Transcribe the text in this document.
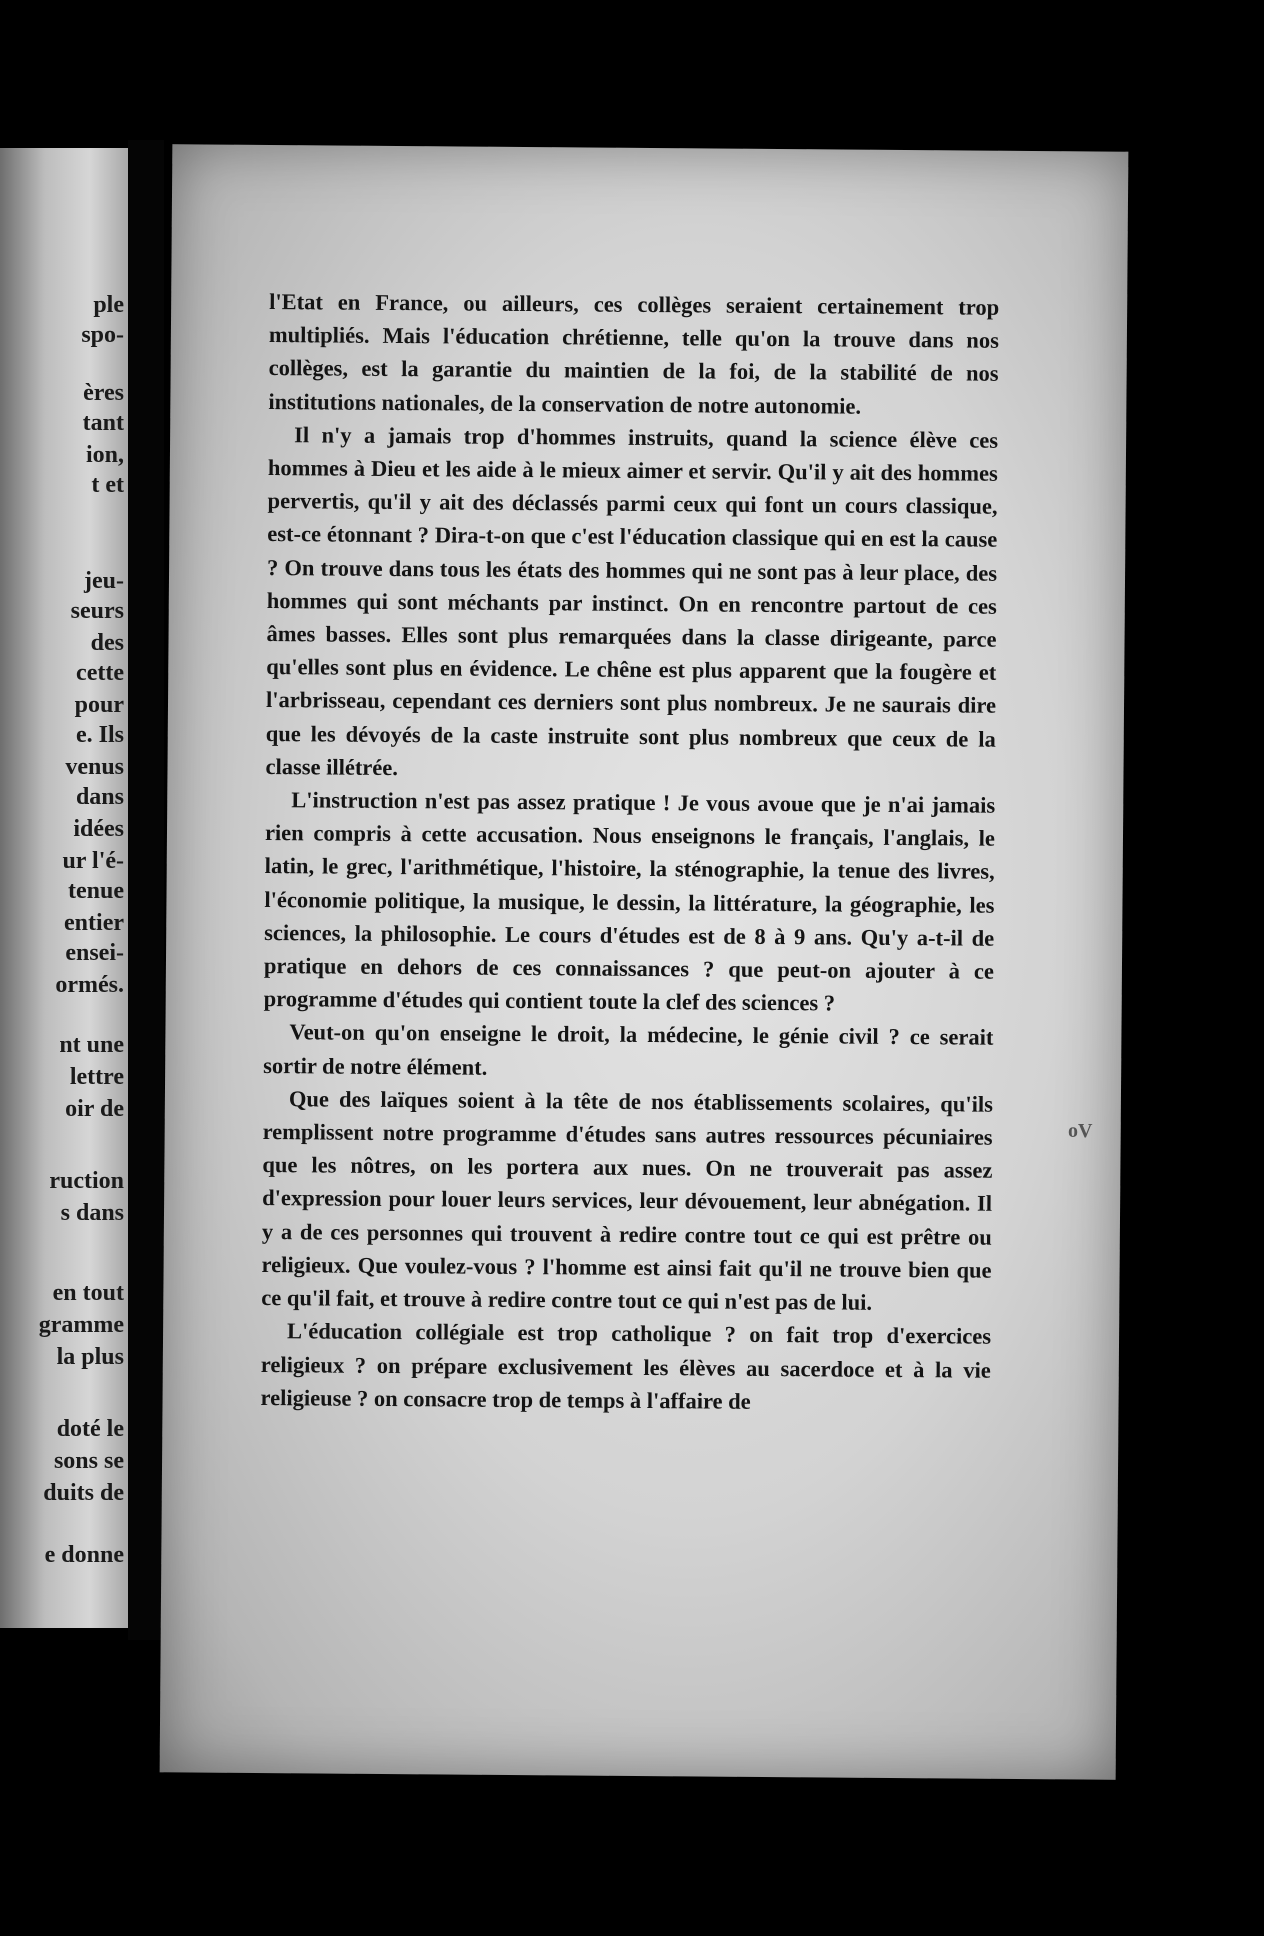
ple
spo-
ères
tant
ion,
t et
jeu-
seurs
des
cette
pour
e. Ils
venus
dans
idées
ur l'é-
tenue
entier
ensei-
ormés.
nt une
lettre
oir de
ruction
s dans
en tout
gramme
la plus
doté le
sons se
duits de
e donne

l'Etat en France, ou ailleurs, ces collèges seraient certainement trop multipliés. Mais l'éducation chrétienne, telle qu'on la trouve dans nos collèges, est la garantie du maintien de la foi, de la stabilité de nos institutions nationales, de la conservation de notre autonomie.

Il n'y a jamais trop d'hommes instruits, quand la science élève ces hommes à Dieu et les aide à le mieux aimer et servir. Qu'il y ait des hommes pervertis, qu'il y ait des déclassés parmi ceux qui font un cours classique, est-ce étonnant ? Dira-t-on que c'est l'éducation classique qui en est la cause ? On trouve dans tous les états des hommes qui ne sont pas à leur place, des hommes qui sont méchants par instinct. On en rencontre partout de ces âmes basses. Elles sont plus remarquées dans la classe dirigeante, parce qu'elles sont plus en évidence. Le chêne est plus apparent que la fougère et l'arbrisseau, cependant ces derniers sont plus nombreux. Je ne saurais dire que les dévoyés de la caste instruite sont plus nombreux que ceux de la classe illétrée.

L'instruction n'est pas assez pratique ! Je vous avoue que je n'ai jamais rien compris à cette accusation. Nous enseignons le français, l'anglais, le latin, le grec, l'arithmétique, l'histoire, la sténographie, la tenue des livres, l'économie politique, la musique, le dessin, la littérature, la géographie, les sciences, la philosophie. Le cours d'études est de 8 à 9 ans. Qu'y a-t-il de pratique en dehors de ces connaissances ? que peut-on ajouter à ce programme d'études qui contient toute la clef des sciences ?

Veut-on qu'on enseigne le droit, la médecine, le génie civil ? ce serait sortir de notre élément.

Que des laïques soient à la tête de nos établissements scolaires, qu'ils remplissent notre programme d'études sans autres ressources pécuniaires que les nôtres, on les portera aux nues. On ne trouverait pas assez d'expression pour louer leurs services, leur dévouement, leur abnégation. Il y a de ces personnes qui trouvent à redire contre tout ce qui est prêtre ou religieux. Que voulez-vous ? l'homme est ainsi fait qu'il ne trouve bien que ce qu'il fait, et trouve à redire contre tout ce qui n'est pas de lui.

L'éducation collégiale est trop catholique ? on fait trop d'exercices religieux ? on prépare exclusivement les élèves au sacerdoce et à la vie religieuse ? on consacre trop de temps à l'affaire de

oV
